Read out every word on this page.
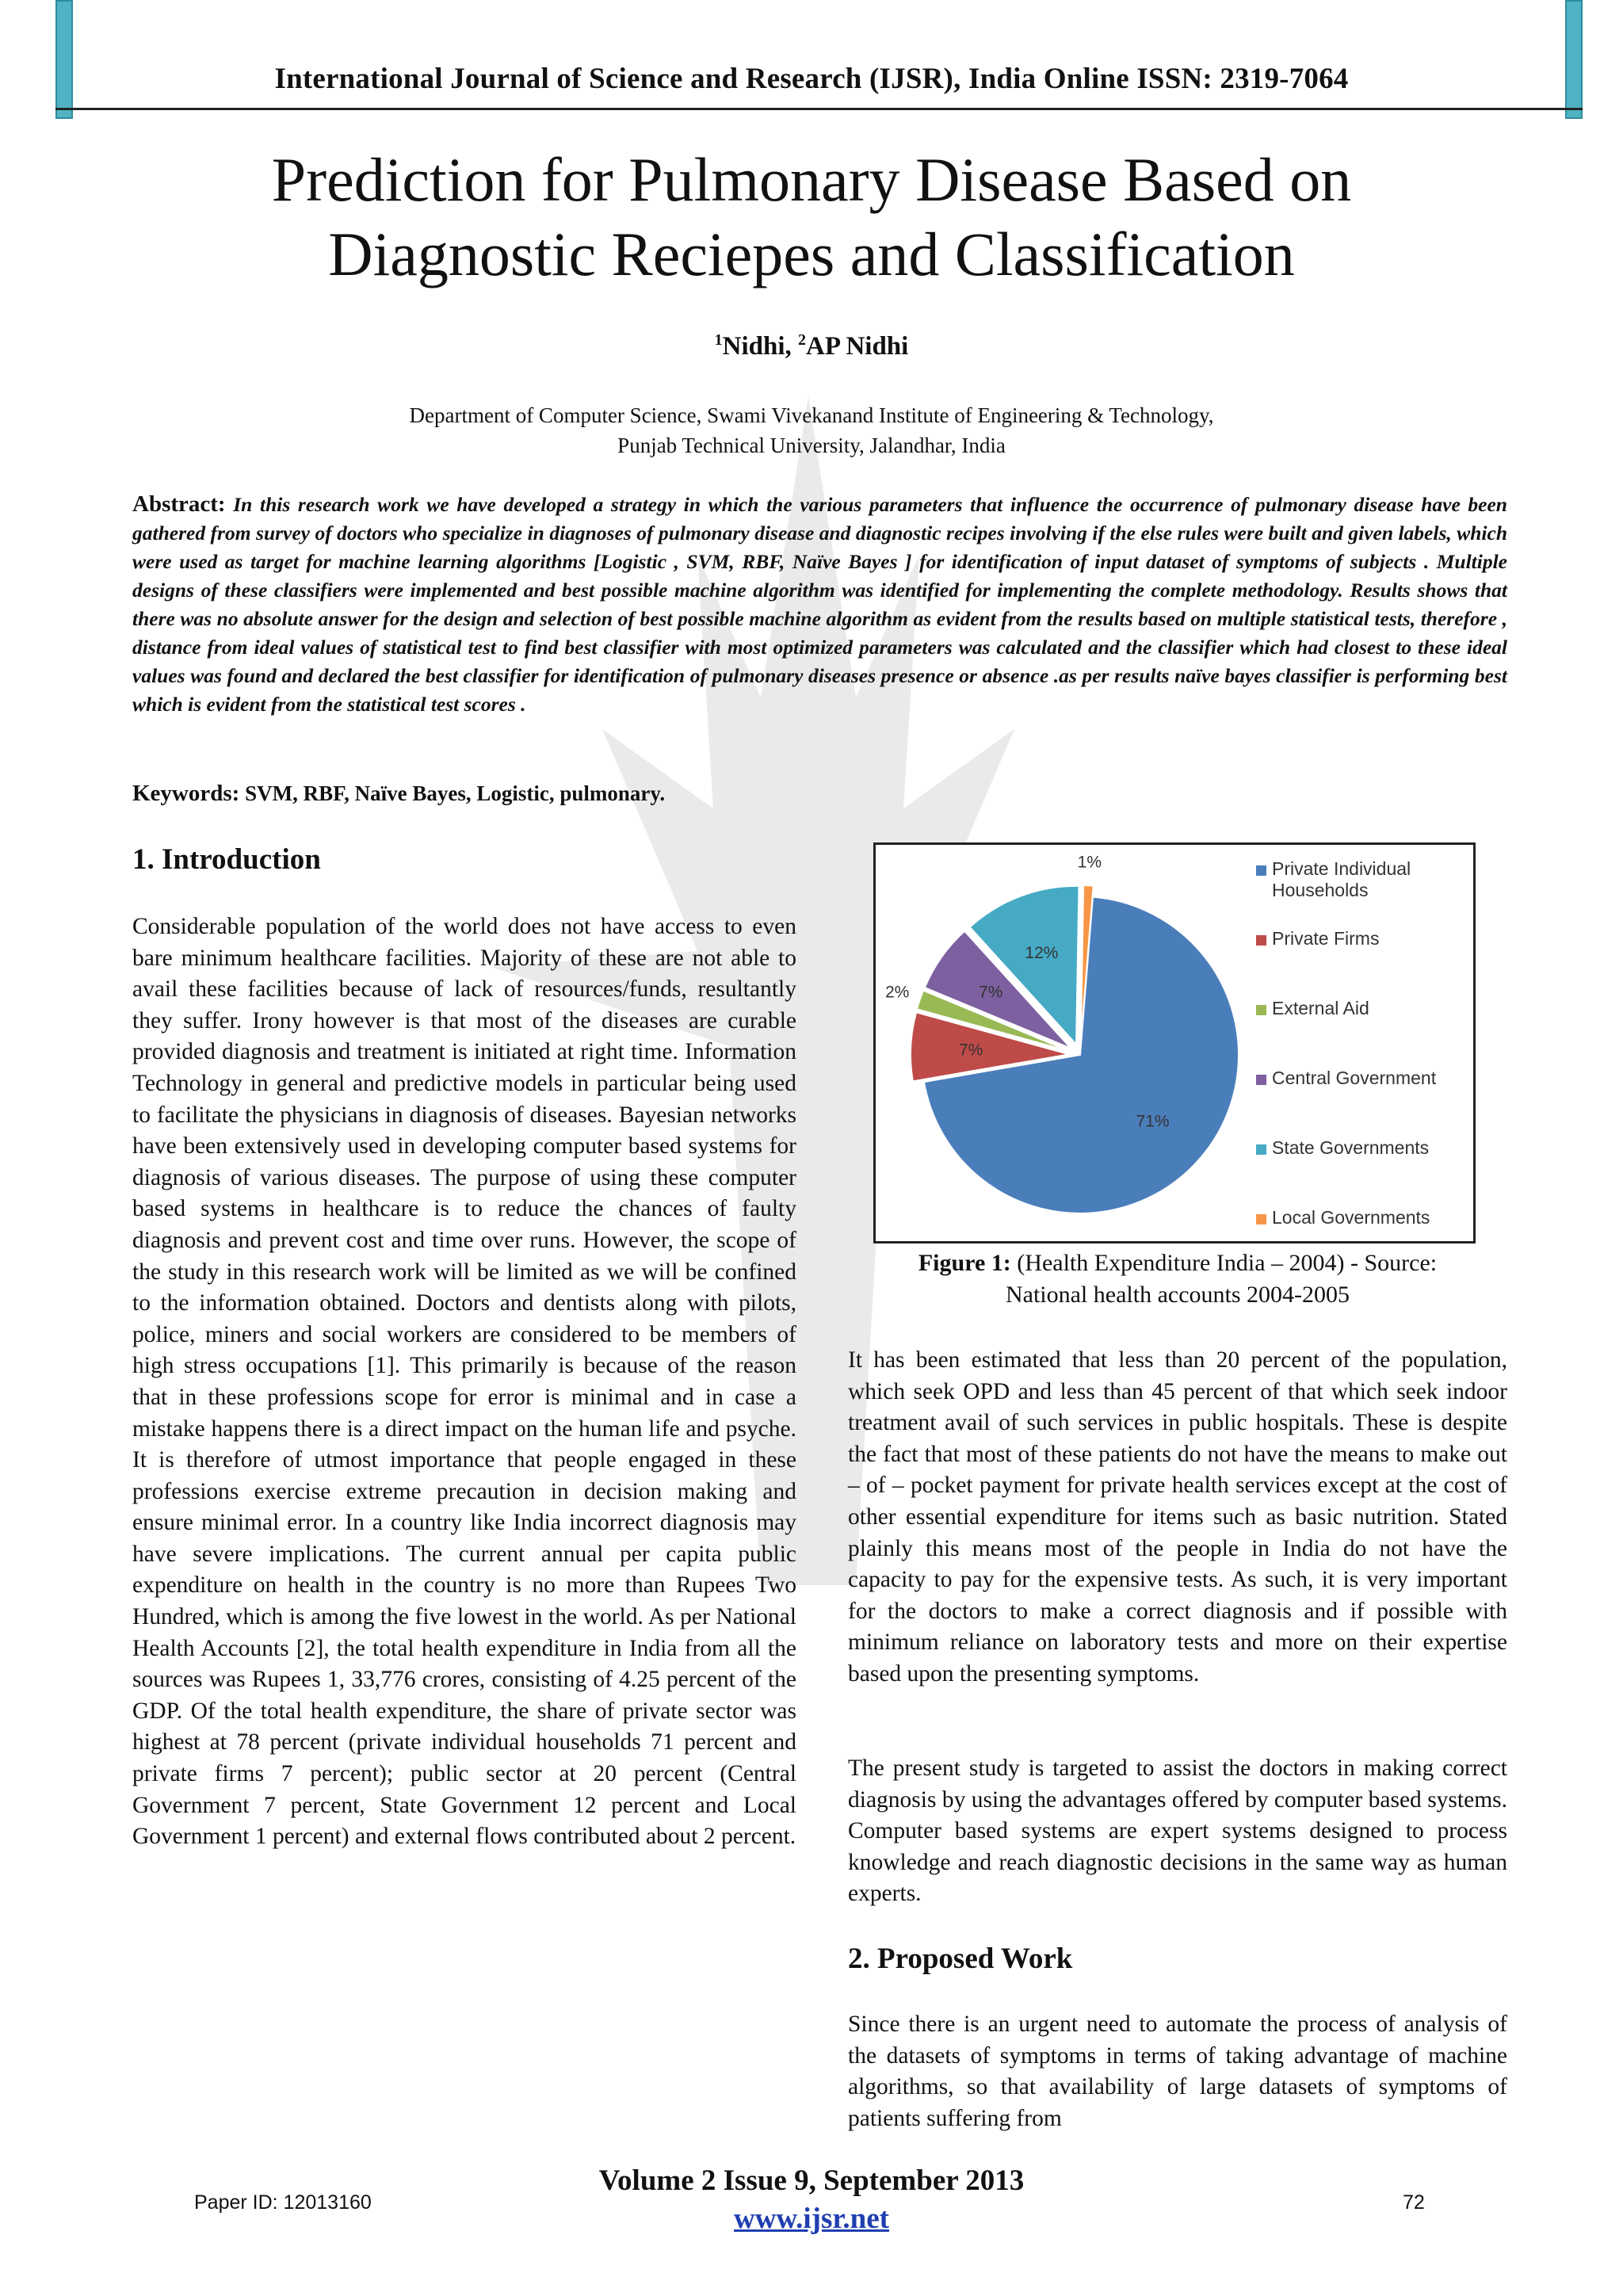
International Journal of Science and Research (IJSR), India Online ISSN: 2319-7064
Prediction for Pulmonary Disease Based on
Diagnostic Reciepes and Classification
$^1$Nidhi, $^2$AP Nidhi
Department of Computer Science, Swami Vivekanand Institute of Engineering & Technology,
Punjab Technical University, Jalandhar, India
Abstract: In this research work we have developed a strategy in which the various parameters that influence the occurrence of pulmonary disease have been gathered from survey of doctors who specialize in diagnoses of pulmonary disease and diagnostic recipes involving if the else rules were built and given labels, which were used as target for machine learning algorithms [Logistic , SVM, RBF, Naïve Bayes ] for identification of input dataset of symptoms of subjects . Multiple designs of these classifiers were implemented and best possible machine algorithm was identified for implementing the complete methodology. Results shows that there was no absolute answer for the design and selection of best possible machine algorithm as evident from the results based on multiple statistical tests, therefore , distance from ideal values of statistical test to find best classifier with most optimized parameters was calculated and the classifier which had closest to these ideal values was found and declared the best classifier for identification of pulmonary diseases presence or absence .as per results naïve bayes classifier is performing best which is evident from the statistical test scores .
Keywords: SVM, RBF, Naïve Bayes, Logistic, pulmonary.
1. Introduction

Considerable population of the world does not have access to even bare minimum healthcare facilities. Majority of these are not able to avail these facilities because of lack of resources/funds, resultantly they suffer. Irony however is that most of the diseases are curable provided diagnosis and treatment is initiated at right time. Information Technology in general and predictive models in particular being used to facilitate the physicians in diagnosis of diseases. Bayesian networks have been extensively used in developing computer based systems for diagnosis of various diseases. The purpose of using these computer based systems in healthcare is to reduce the chances of faulty diagnosis and prevent cost and time over runs. However, the scope of the study in this research work will be limited as we will be confined to the information obtained. Doctors and dentists along with pilots, police, miners and social workers are considered to be members of high stress occupations [1]. This primarily is because of the reason that in these professions scope for error is minimal and in case a mistake happens there is a direct impact on the human life and psyche. It is therefore of utmost importance that people engaged in these professions exercise extreme precaution in decision making and ensure minimal error. In a country like India incorrect diagnosis may have severe implications. The current annual per capita public expenditure on health in the country is no more than Rupees Two Hundred, which is among the five lowest in the world. As per National Health Accounts [2], the total health expenditure in India from all the sources was Rupees 1, 33,776 crores, consisting of 4.25 percent of the GDP. Of the total health expenditure, the share of private sector was highest at 78 percent (private individual households 71 percent and private firms 7 percent); public sector at 20 percent (Central Government 7 percent, State Government 12 percent and Local Government 1 percent) and external flows contributed about 2 percent.

71%
7%
2%	7%
12%
1%	Private Individual
Households
Private Firms
External Aid
Central Government
State Governments
Local Governments
Figure 1: (Health Expenditure India – 2004) - Source:
National health accounts 2004-2005
It has been estimated that less than 20 percent of the population, which seek OPD and less than 45 percent of that which seek indoor treatment avail of such services in public hospitals. These is despite the fact that most of these patients do not have the means to make out – of – pocket payment for private health services except at the cost of other essential expenditure for items such as basic nutrition. Stated plainly this means most of the people in India do not have the capacity to pay for the expensive tests. As such, it is very important for the doctors to make a correct diagnosis and if possible with minimum reliance on laboratory tests and more on their expertise based upon the presenting symptoms.
The present study is targeted to assist the doctors in making correct diagnosis by using the advantages offered by computer based systems. Computer based systems are expert systems designed to process knowledge and reach diagnostic decisions in the same way as human experts.
2. Proposed Work
Since there is an urgent need to automate the process of analysis of the datasets of symptoms in terms of taking advantage of machine algorithms, so that availability of large datasets of symptoms of patients suffering from
Volume 2 Issue 9, September 2013
www.ijsr.net
Paper ID: 12013160	72
